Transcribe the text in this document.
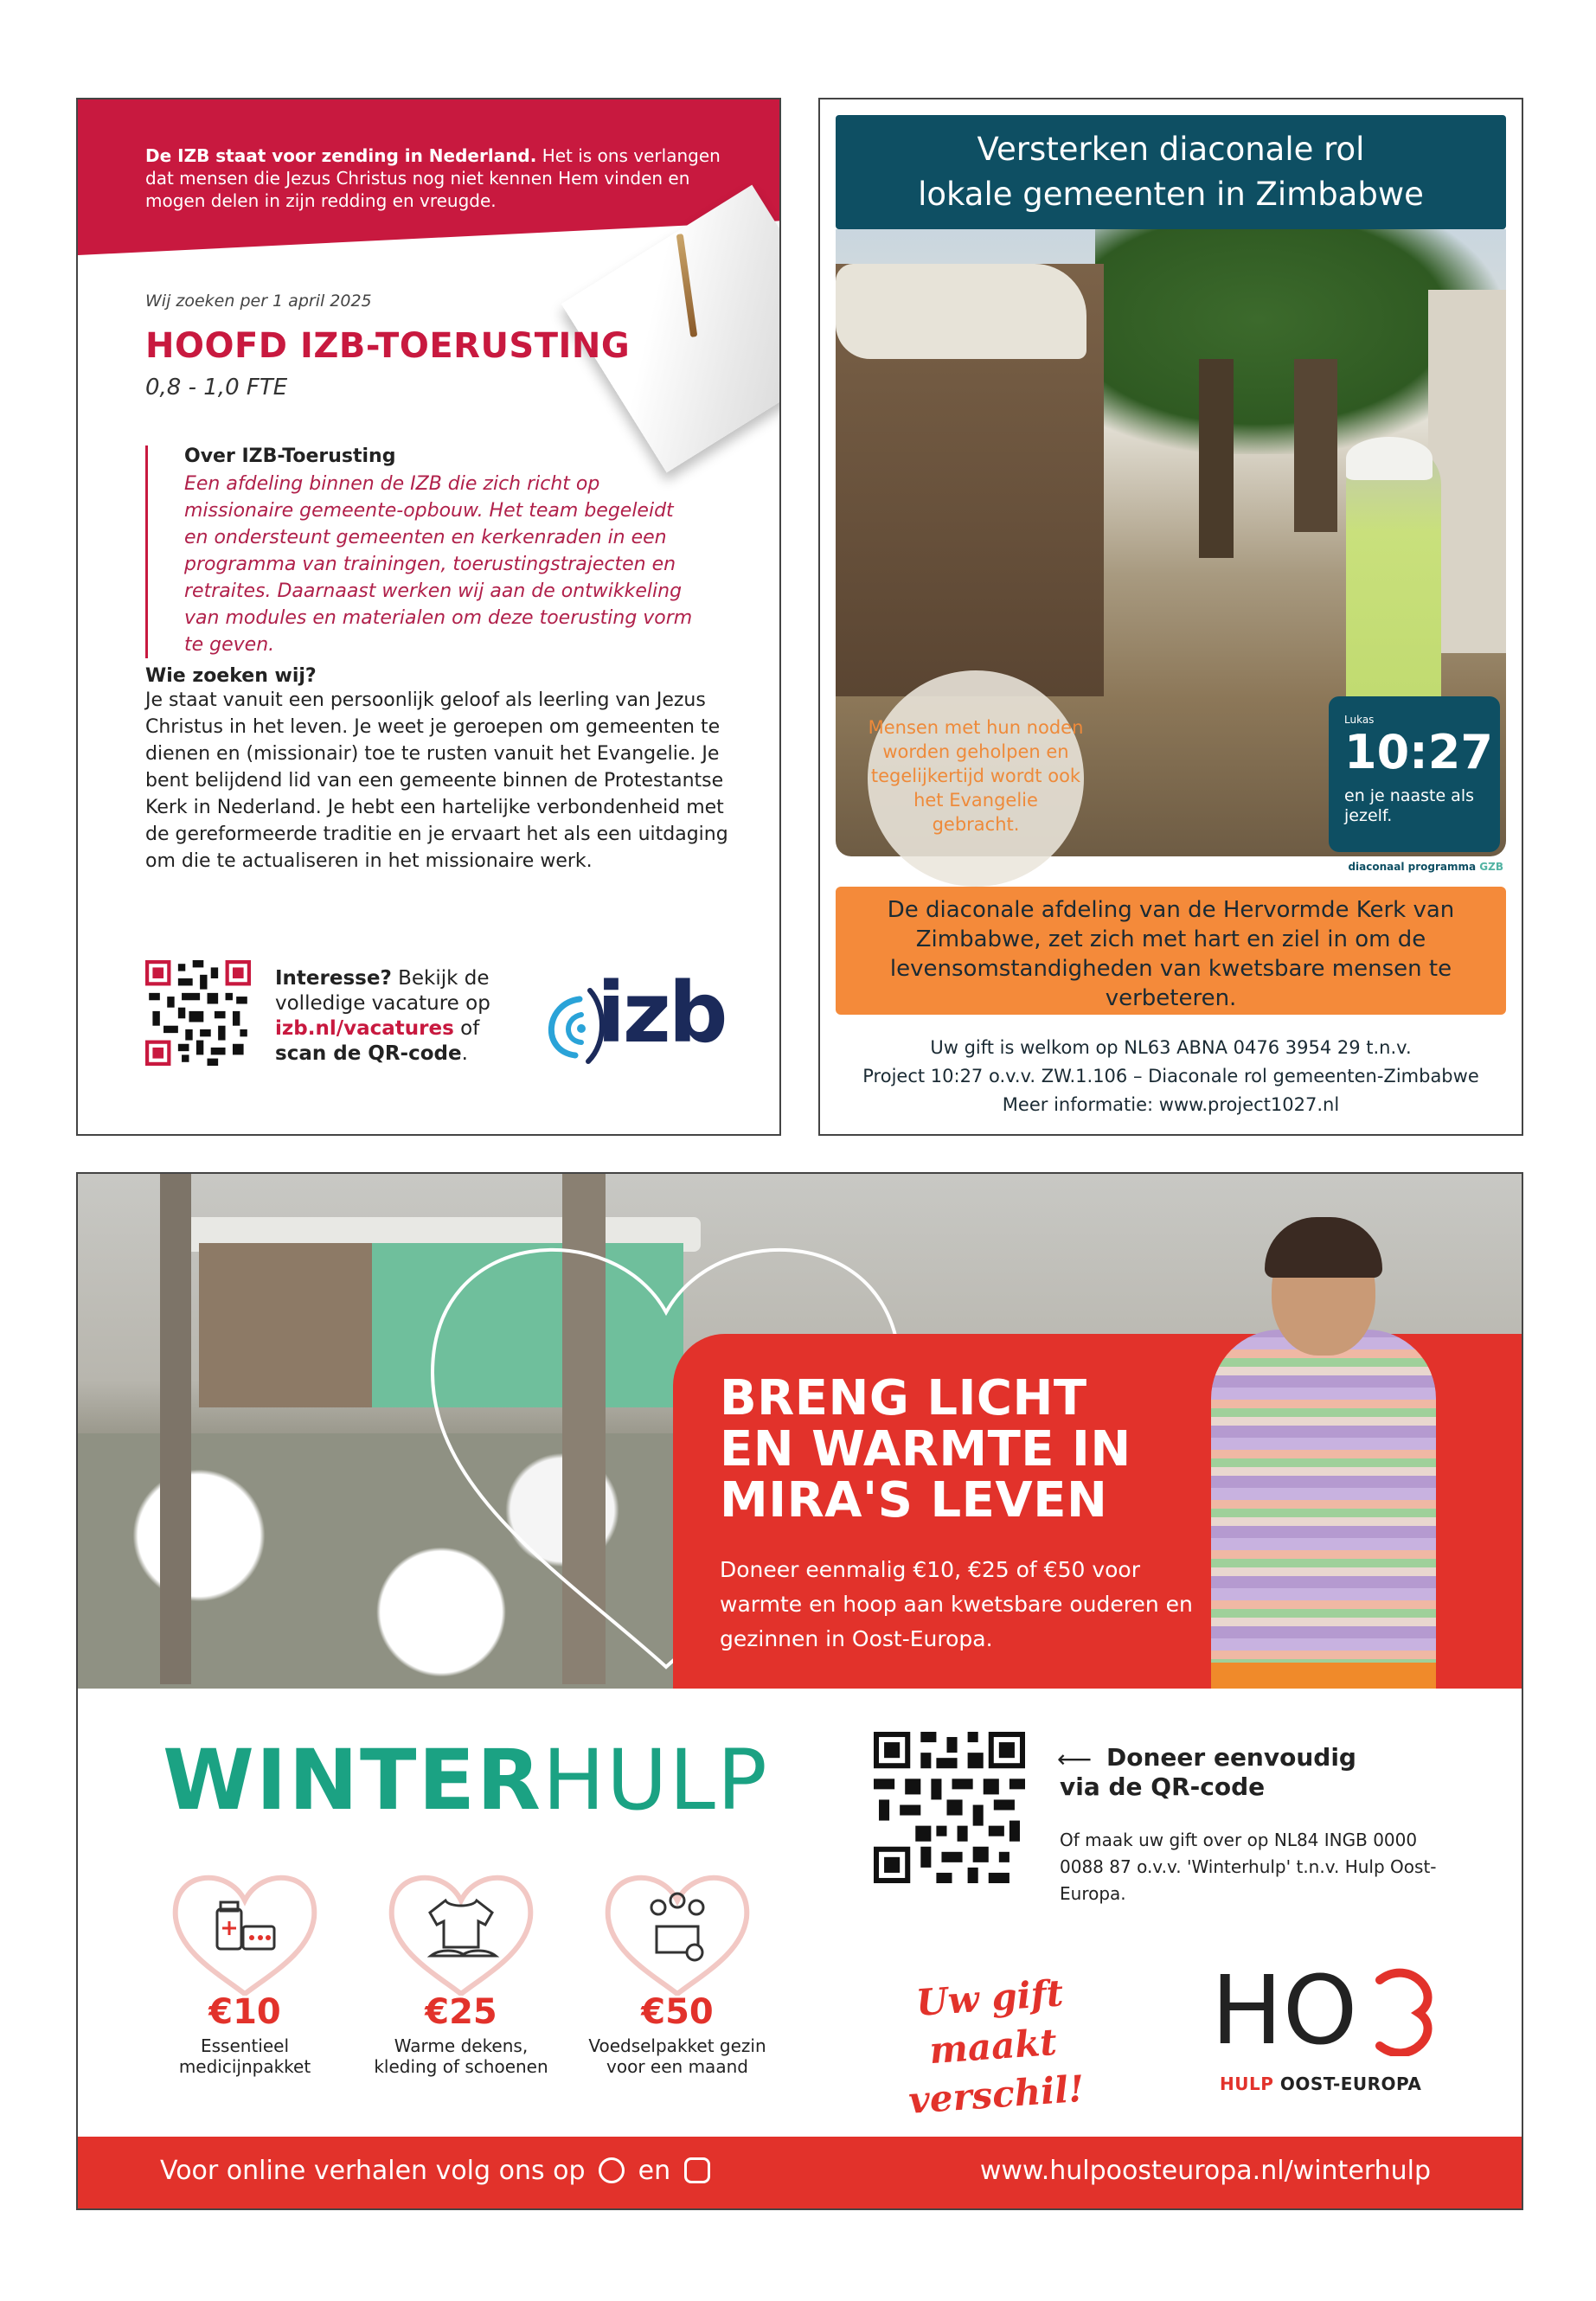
De IZB staat voor zending in Nederland. Het is ons verlangen dat mensen die Jezus Christus nog niet kennen Hem vinden en mogen delen in zijn redding en vreugde.

Wij zoeken per 1 april 2025
HOOFD IZB-TOERUSTING
0,8 - 1,0 FTE
Over IZB-Toerusting

Een afdeling binnen de IZB die zich richt op missionaire gemeente-opbouw. Het team begeleidt en ondersteunt gemeenten en kerkenraden in een programma van trainingen, toerustingstrajecten en retraites. Daarnaast werken wij aan de ontwikkeling van modules en materialen om deze toerusting vorm te geven.

Wie zoeken wij?

Je staat vanuit een persoonlijk geloof als leerling van Jezus Christus in het leven. Je weet je geroepen om gemeenten te dienen en (missionair) toe te rusten vanuit het Evangelie. Je bent belijdend lid van een gemeente binnen de Protestantse Kerk in Nederland. Je hebt een hartelijke verbondenheid met de gereformeerde traditie en je ervaart het als een uitdaging om die te actualiseren in het missionaire werk.

Interesse? Bekijk de volledige vacature op izb.nl/vacatures of scan de QR-code.	izb
Versterken diaconale rol
lokale gemeenten in Zimbabwe
Mensen met hun noden worden geholpen en tegelijkertijd wordt ook het Evangelie gebracht.
Lukas
10:27
en je naaste als jezelf.
diaconaal programma GZB
De diaconale afdeling van de Hervormde Kerk van Zimbabwe, zet zich met hart en ziel in om de levensomstandigheden van kwetsbare mensen te verbeteren.
Uw gift is welkom op NL63 ABNA 0476 3954 29 t.n.v.
Project 10:27 o.v.v. ZW.1.106 – Diaconale rol gemeenten-Zimbabwe
Meer informatie: www.project1027.nl
BRENG LICHT
EN WARMTE IN
MIRA'S LEVEN

Doneer eenmalig €10, €25 of €50 voor warmte en hoop aan kwetsbare ouderen en gezinnen in Oost-Europa.

WINTERHULP
€10
Essentieel medicijnpakket
€25
Warme dekens, kleding of schoenen
€50
Voedselpakket gezin voor een maand
⟵ Doneer eenvoudig
via de QR-code

Of maak uw gift over op NL84 INGB 0000 0088 87 o.v.v. 'Winterhulp' t.n.v. Hulp Oost-Europa.

Uw gift maakt verschil!
HO
HULP OOST-EUROPA
Voor online verhalen volg ons op en	www.hulpoosteuropa.nl/winterhulp
